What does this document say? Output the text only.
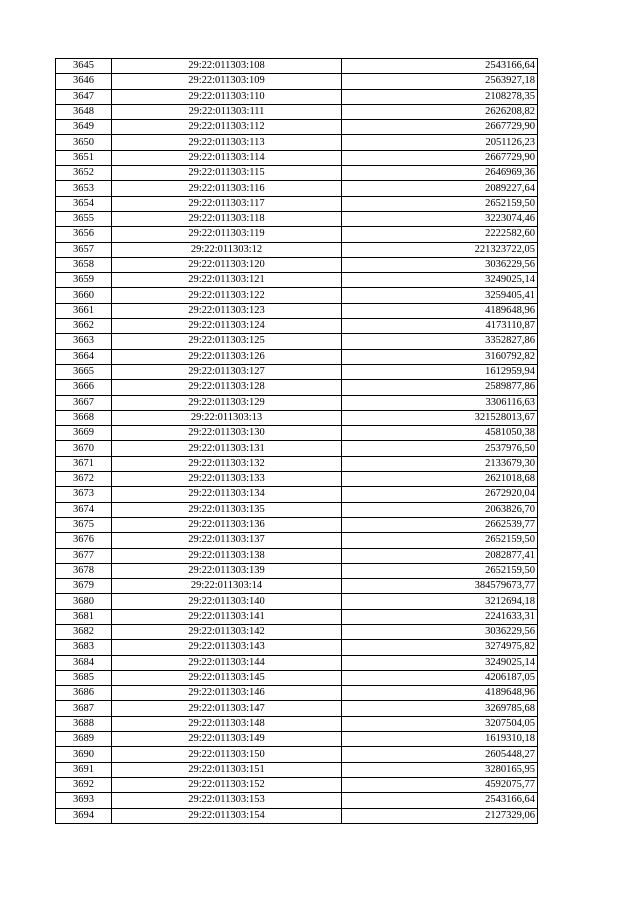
3645	29:22:011303:108	2543166,64
3646	29:22:011303:109	2563927,18
3647	29:22:011303:110	2108278,35
3648	29:22:011303:111	2626208,82
3649	29:22:011303:112	2667729,90
3650	29:22:011303:113	2051126,23
3651	29:22:011303:114	2667729,90
3652	29:22:011303:115	2646969,36
3653	29:22:011303:116	2089227,64
3654	29:22:011303:117	2652159,50
3655	29:22:011303:118	3223074,46
3656	29:22:011303:119	2222582,60
3657	29:22:011303:12	221323722,05
3658	29:22:011303:120	3036229,56
3659	29:22:011303:121	3249025,14
3660	29:22:011303:122	3259405,41
3661	29:22:011303:123	4189648,96
3662	29:22:011303:124	4173110,87
3663	29:22:011303:125	3352827,86
3664	29:22:011303:126	3160792,82
3665	29:22:011303:127	1612959,94
3666	29:22:011303:128	2589877,86
3667	29:22:011303:129	3306116,63
3668	29:22:011303:13	321528013,67
3669	29:22:011303:130	4581050,38
3670	29:22:011303:131	2537976,50
3671	29:22:011303:132	2133679,30
3672	29:22:011303:133	2621018,68
3673	29:22:011303:134	2672920,04
3674	29:22:011303:135	2063826,70
3675	29:22:011303:136	2662539,77
3676	29:22:011303:137	2652159,50
3677	29:22:011303:138	2082877,41
3678	29:22:011303:139	2652159,50
3679	29:22:011303:14	384579673,77
3680	29:22:011303:140	3212694,18
3681	29:22:011303:141	2241633,31
3682	29:22:011303:142	3036229,56
3683	29:22:011303:143	3274975,82
3684	29:22:011303:144	3249025,14
3685	29:22:011303:145	4206187,05
3686	29:22:011303:146	4189648,96
3687	29:22:011303:147	3269785,68
3688	29:22:011303:148	3207504,05
3689	29:22:011303:149	1619310,18
3690	29:22:011303:150	2605448,27
3691	29:22:011303:151	3280165,95
3692	29:22:011303:152	4592075,77
3693	29:22:011303:153	2543166,64
3694	29:22:011303:154	2127329,06
